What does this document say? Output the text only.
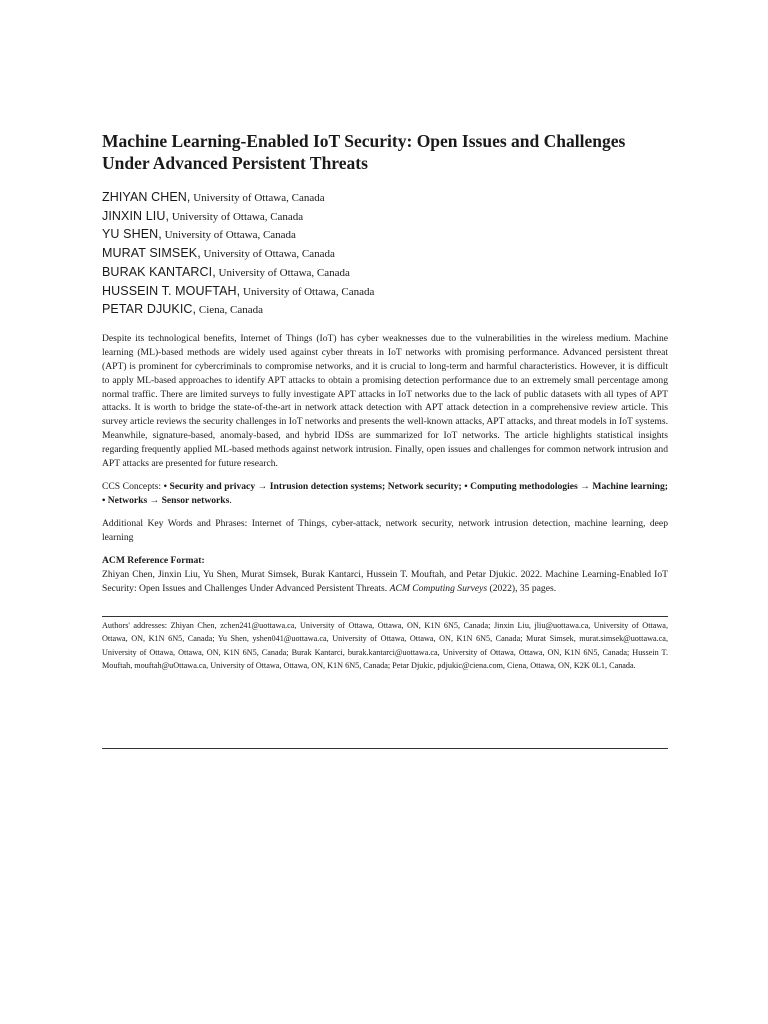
Machine Learning-Enabled IoT Security: Open Issues and Challenges Under Advanced Persistent Threats
ZHIYAN CHEN, University of Ottawa, Canada
JINXIN LIU, University of Ottawa, Canada
YU SHEN, University of Ottawa, Canada
MURAT SIMSEK, University of Ottawa, Canada
BURAK KANTARCI, University of Ottawa, Canada
HUSSEIN T. MOUFTAH, University of Ottawa, Canada
PETAR DJUKIC, Ciena, Canada

Despite its technological benefits, Internet of Things (IoT) has cyber weaknesses due to the vulnerabilities in the wireless medium. Machine learning (ML)-based methods are widely used against cyber threats in IoT networks with promising performance. Advanced persistent threat (APT) is prominent for cybercriminals to compromise networks, and it is crucial to long-term and harmful characteristics. However, it is difficult to apply ML-based approaches to identify APT attacks to obtain a promising detection performance due to an extremely small percentage among normal traffic. There are limited surveys to fully investigate APT attacks in IoT networks due to the lack of public datasets with all types of APT attacks. It is worth to bridge the state-of-the-art in network attack detection with APT attack detection in a comprehensive review article. This survey article reviews the security challenges in IoT networks and presents the well-known attacks, APT attacks, and threat models in IoT systems. Meanwhile, signature-based, anomaly-based, and hybrid IDSs are summarized for IoT networks. The article highlights statistical insights regarding frequently applied ML-based methods against network intrusion. Finally, open issues and challenges for common network intrusion and APT attacks are presented for future research.

CCS Concepts: • Security and privacy → Intrusion detection systems; Network security; • Computing methodologies → Machine learning; • Networks → Sensor networks.

Additional Key Words and Phrases: Internet of Things, cyber-attack, network security, network intrusion detection, machine learning, deep learning

ACM Reference Format:

Zhiyan Chen, Jinxin Liu, Yu Shen, Murat Simsek, Burak Kantarci, Hussein T. Mouftah, and Petar Djukic. 2022. Machine Learning-Enabled IoT Security: Open Issues and Challenges Under Advanced Persistent Threats. ACM Computing Surveys (2022), 35 pages.

Authors' addresses: Zhiyan Chen, zchen241@uottawa.ca, University of Ottawa, Ottawa, ON, K1N 6N5, Canada; Jinxin Liu, jliu@uottawa.ca, University of Ottawa, Ottawa, ON, K1N 6N5, Canada; Yu Shen, yshen041@uottawa.ca, University of Ottawa, Ottawa, ON, K1N 6N5, Canada; Murat Simsek, murat.simsek@uottawa.ca, University of Ottawa, Ottawa, ON, K1N 6N5, Canada; Burak Kantarci, burak.kantarci@uottawa.ca, University of Ottawa, Ottawa, ON, K1N 6N5, Canada; Hussein T. Mouftah, mouftah@uOttawa.ca, University of Ottawa, Ottawa, ON, K1N 6N5, Canada; Petar Djukic, pdjukic@ciena.com, Ciena, Ottawa, ON, K2K 0L1, Canada.
